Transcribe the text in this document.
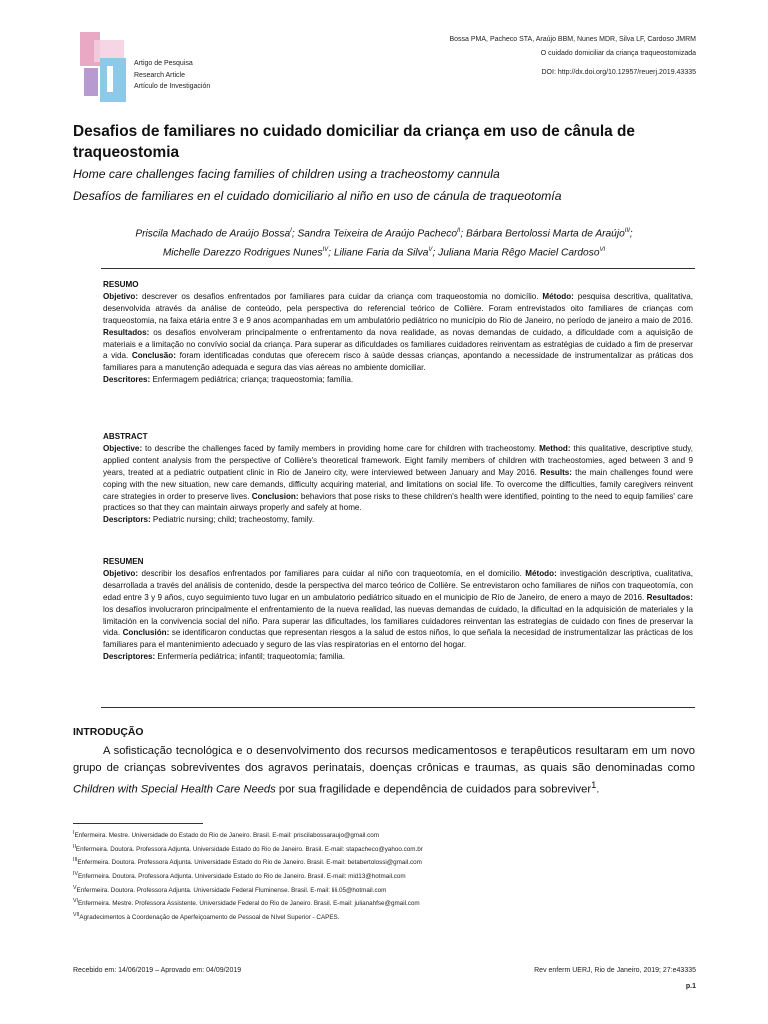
Artigo de Pesquisa
Research Article
Artículo de Investigación
Bossa PMA, Pacheco STA, Araújo BBM, Nunes MDR, Silva LF, Cardoso JMRM
O cuidado domiciliar da criança traqueostomizada
DOI: http://dx.doi.org/10.12957/reuerj.2019.43335
Desafios de familiares no cuidado domiciliar da criança em uso de cânula de traqueostomia
Home care challenges facing families of children using a tracheostomy cannula
Desafíos de familiares en el cuidado domiciliario al niño en uso de cánula de traqueotomía
Priscila Machado de Araújo Bossa$^I$; Sandra Teixeira de Araújo Pacheco$^{II}$; Bárbara Bertolossi Marta de Araújo$^{III}$;
Michelle Darezzo Rodrigues Nunes$^{IV}$; Liliane Faria da Silva$^V$; Juliana Maria Rêgo Maciel Cardoso$^{VI}$
RESUMO

Objetivo: descrever os desafios enfrentados por familiares para cuidar da criança com traqueostomia no domicílio. Método: pesquisa descritiva, qualitativa, desenvolvida através da análise de conteúdo, pela perspectiva do referencial teórico de Collière. Foram entrevistados oito familiares de crianças com traqueostomia, na faixa etária entre 3 e 9 anos acompanhadas em um ambulatório pediátrico no município do Rio de Janeiro, no período de janeiro a maio de 2016. Resultados: os desafios envolveram principalmente o enfrentamento da nova realidade, as novas demandas de cuidado, a dificuldade com a aquisição de materiais e a limitação no convívio social da criança. Para superar as dificuldades os familiares cuidadores reinventam as estratégias de cuidado a fim de preservar a vida. Conclusão: foram identificadas condutas que oferecem risco à saúde dessas crianças, apontando a necessidade de instrumentalizar as práticas dos familiares para a manutenção adequada e segura das vias aéreas no ambiente domiciliar.

Descritores: Enfermagem pediátrica; criança; traqueostomia; família.

ABSTRACT

Objective: to describe the challenges faced by family members in providing home care for children with tracheostomy. Method: this qualitative, descriptive study, applied content analysis from the perspective of Collière's theoretical framework. Eight family members of children with tracheostomies, aged between 3 and 9 years, treated at a pediatric outpatient clinic in Rio de Janeiro city, were interviewed between January and May 2016. Results: the main challenges found were coping with the new situation, new care demands, difficulty acquiring material, and limitations on social life. To overcome the difficulties, family caregivers reinvent care strategies in order to preserve lives. Conclusion: behaviors that pose risks to these children's health were identified, pointing to the need to equip families' care practices so that they can maintain airways properly and safely at home.

Descriptors: Pediatric nursing; child; tracheostomy, family.

RESUMEN

Objetivo: describir los desafíos enfrentados por familiares para cuidar al niño con traqueotomía, en el domicilio. Método: investigación descriptiva, cualitativa, desarrollada a través del análisis de contenido, desde la perspectiva del marco teórico de Collière. Se entrevistaron ocho familiares de niños con traqueotomía, con edad entre 3 y 9 años, cuyo seguimiento tuvo lugar en un ambulatorio pediátrico situado en el municipio de Río de Janeiro, de enero a mayo de 2016. Resultados: los desafíos involucraron principalmente el enfrentamiento de la nueva realidad, las nuevas demandas de cuidado, la dificultad en la adquisición de materiales y la limitación en la convivencia social del niño. Para superar las dificultades, los familiares cuidadores reinventan las estrategias de cuidado con fines de preservar la vida. Conclusión: se identificaron conductas que representan riesgos a la salud de estos niños, lo que señala la necesidad de instrumentalizar las prácticas de los familiares para el mantenimiento adecuado y seguro de las vías respiratorias en el entorno del hogar.

Descriptores: Enfermería pediátrica; infantil; traqueotomía; familia.

INTRODUÇÃO
A sofisticação tecnológica e o desenvolvimento dos recursos medicamentosos e terapêuticos resultaram em um novo grupo de crianças sobreviventes dos agravos perinatais, doenças crônicas e traumas, as quais são denominadas como Children with Special Health Care Needs por sua fragilidade e dependência de cuidados para sobreviver$^1$.
$^I$Enfermeira. Mestre. Universidade do Estado do Rio de Janeiro. Brasil. E-mail: priscilabossaraujo@gmail.com
$^{II}$Enfermeira. Doutora. Professora Adjunta. Universidade Estado do Rio de Janeiro. Brasil. E-mail: stapacheco@yahoo.com.br
$^{III}$Enfermeira. Doutora. Professora Adjunta. Universidade Estado do Rio de Janeiro. Brasil. E-mail: betabertolossi@gmail.com
$^{IV}$Enfermeira. Doutora. Professora Adjunta. Universidade Estado do Rio de Janeiro. Brasil. E-mail: mid13@hotmail.com
$^V$Enfermeira. Doutora. Professora Adjunta. Universidade Federal Fluminense. Brasil. E-mail: lili.05@hotmail.com
$^{VI}$Enfermeira. Mestre. Professora Assistente. Universidade Federal do Rio de Janeiro. Brasil. E-mail: julianahfse@gmail.com
$^{VII}$Agradecimentos à Coordenação de Aperfeiçoamento de Pessoal de Nível Superior - CAPES.
Recebido em: 14/06/2019 – Aprovado em: 04/09/2019	Rev enferm UERJ, Rio de Janeiro, 2019; 27:e43335
p.1
